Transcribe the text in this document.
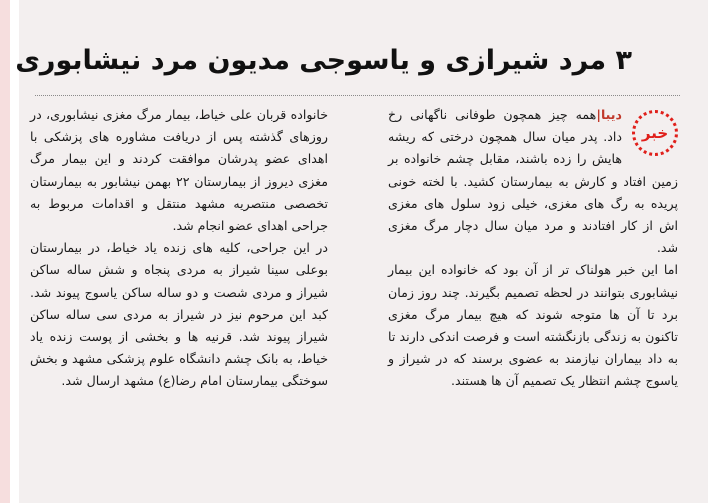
۳ مرد شیرازی و یاسوجی مدیون مرد نیشابوری
خبر

دیبا|همه چیز همچون طوفانی ناگهانی رخ داد. پدر میان سال همچون درختی که ریشه هایش را زده باشند، مقابل چشم خانواده بر زمین افتاد و کارش به بیمارستان کشید. با لخته خونی پریده به رگ های مغزی، خیلی زود سلول های مغزی اش از کار افتادند و مرد میان سال دچار مرگ مغزی شد.

اما این خبر هولناک تر از آن بود که خانواده این بیمار نیشابوری بتوانند در لحظه تصمیم بگیرند. چند روز زمان برد تا آن ها متوجه شوند که هیچ بیمار مرگ مغزی تاکنون به زندگی بازنگشته است و فرصت اندکی دارند تا به داد بیماران نیازمند به عضوی برسند که در شیراز و یاسوج چشم انتظار یک تصمیم آن ها هستند.

خانواده قربان علی خیاط، بیمار مرگ مغزی نیشابوری، در روزهای گذشته پس از دریافت مشاوره های پزشکی با اهدای عضو پدرشان موافقت کردند و این بیمار مرگ مغزی دیروز از بیمارستان ۲۲ بهمن نیشابور به بیمارستان تخصصی منتصریه مشهد منتقل و اقدامات مربوط به جراحی اهدای عضو انجام شد.

در این جراحی، کلیه های زنده یاد خیاط، در بیمارستان بوعلی سینا شیراز به مردی پنجاه و شش ساله ساکن شیراز و مردی شصت و دو ساله ساکن یاسوج پیوند شد. کبد این مرحوم نیز در شیراز به مردی سی ساله ساکن شیراز پیوند شد. قرنیه ها و بخشی از پوست زنده یاد خیاط، به بانک چشم دانشگاه علوم پزشکی مشهد و بخش سوختگی بیمارستان امام رضا(ع) مشهد ارسال شد.
